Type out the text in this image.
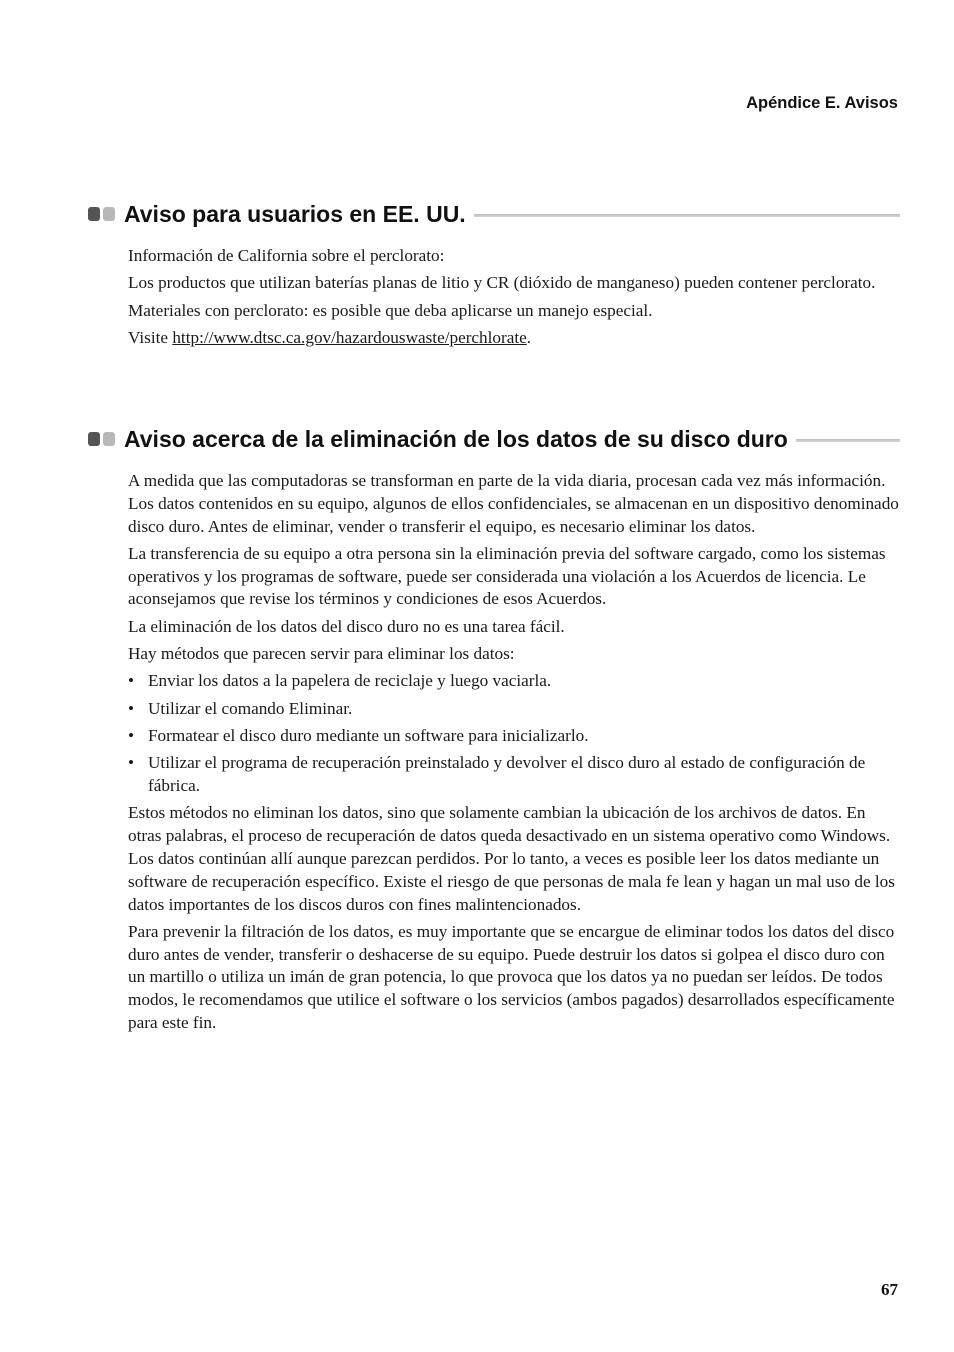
Apéndice E. Avisos
Aviso para usuarios en EE. UU.

Información de California sobre el perclorato:

Los productos que utilizan baterías planas de litio y CR (dióxido de manganeso) pueden contener perclorato.

Materiales con perclorato: es posible que deba aplicarse un manejo especial.

Visite http://www.dtsc.ca.gov/hazardouswaste/perchlorate.

Aviso acerca de la eliminación de los datos de su disco duro

A medida que las computadoras se transforman en parte de la vida diaria, procesan cada vez más información. Los datos contenidos en su equipo, algunos de ellos confidenciales, se almacenan en un dispositivo denominado disco duro. Antes de eliminar, vender o transferir el equipo, es necesario eliminar los datos.

La transferencia de su equipo a otra persona sin la eliminación previa del software cargado, como los sistemas operativos y los programas de software, puede ser considerada una violación a los Acuerdos de licencia. Le aconsejamos que revise los términos y condiciones de esos Acuerdos.

La eliminación de los datos del disco duro no es una tarea fácil.

Hay métodos que parecen servir para eliminar los datos:

• Enviar los datos a la papelera de reciclaje y luego vaciarla.
• Utilizar el comando Eliminar.
• Formatear el disco duro mediante un software para inicializarlo.
• Utilizar el programa de recuperación preinstalado y devolver el disco duro al estado de configuración de fábrica.

Estos métodos no eliminan los datos, sino que solamente cambian la ubicación de los archivos de datos. En otras palabras, el proceso de recuperación de datos queda desactivado en un sistema operativo como Windows. Los datos continúan allí aunque parezcan perdidos. Por lo tanto, a veces es posible leer los datos mediante un software de recuperación específico. Existe el riesgo de que personas de mala fe lean y hagan un mal uso de los datos importantes de los discos duros con fines malintencionados.

Para prevenir la filtración de los datos, es muy importante que se encargue de eliminar todos los datos del disco duro antes de vender, transferir o deshacerse de su equipo. Puede destruir los datos si golpea el disco duro con un martillo o utiliza un imán de gran potencia, lo que provoca que los datos ya no puedan ser leídos. De todos modos, le recomendamos que utilice el software o los servicios (ambos pagados) desarrollados específicamente para este fin.

67
